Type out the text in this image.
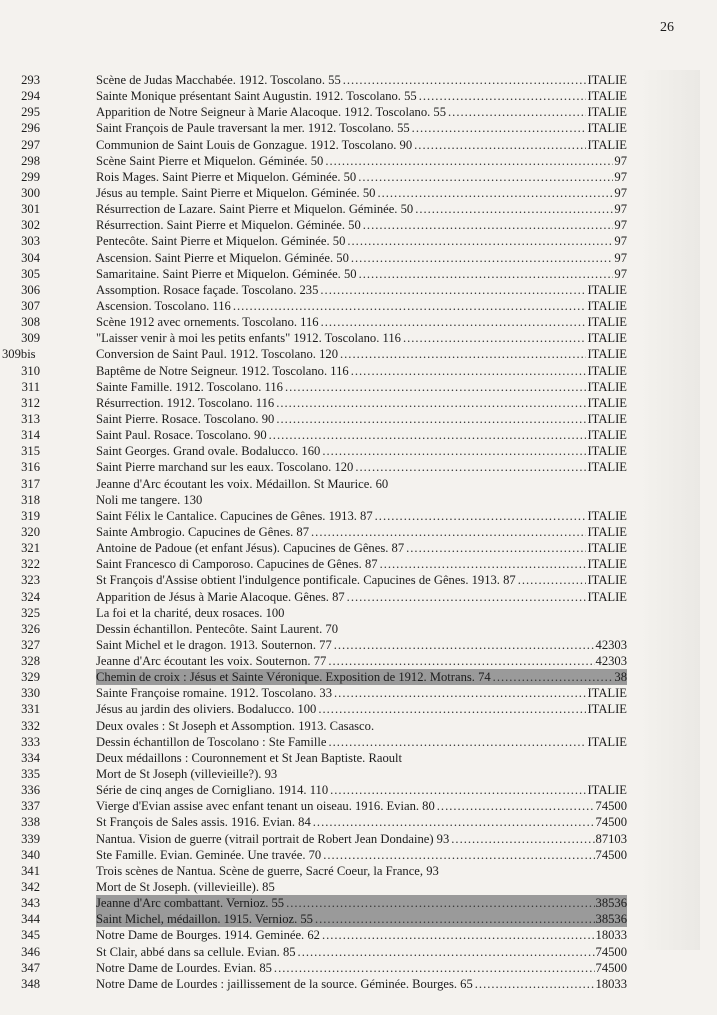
26
293	Scène de Judas Macchabée. 1912. Toscolano. 55 .....	ITALIE
294	Sainte Monique présentant Saint Augustin. 1912. Toscolano. 55 .....	ITALIE
295	Apparition de Notre Seigneur à Marie Alacoque. 1912. Toscolano. 55 .....	ITALIE
296	Saint François de Paule traversant la mer. 1912. Toscolano. 55 .....	ITALIE
297	Communion de Saint Louis de Gonzague. 1912. Toscolano. 90 .....	ITALIE
298	Scène Saint Pierre et Miquelon. Géminée. 50 .....	97
299	Rois Mages. Saint Pierre et Miquelon. Géminée. 50 .....	97
300	Jésus au temple. Saint Pierre et Miquelon. Géminée. 50 .....	97
301	Résurrection de Lazare. Saint Pierre et Miquelon. Géminée. 50 .....	97
302	Résurrection. Saint Pierre et Miquelon. Géminée. 50 .....	97
303	Pentecôte. Saint Pierre et Miquelon. Géminée. 50 .....	97
304	Ascension. Saint Pierre et Miquelon. Géminée. 50 .....	97
305	Samaritaine. Saint Pierre et Miquelon. Géminée. 50 .....	97
306	Assomption. Rosace façade. Toscolano. 235 .....	ITALIE
307	Ascension. Toscolano. 116 .....	ITALIE
308	Scène 1912 avec ornements. Toscolano. 116 .....	ITALIE
309	"Laisser venir à moi les petits enfants" 1912. Toscolano. 116 .....	ITALIE
309bis	Conversion de Saint Paul. 1912. Toscolano. 120 .....	ITALIE
310	Baptême de Notre Seigneur. 1912. Toscolano. 116 .....	ITALIE
311	Sainte Famille. 1912. Toscolano. 116 .....	ITALIE
312	Résurrection. 1912. Toscolano. 116 .....	ITALIE
313	Saint Pierre. Rosace. Toscolano. 90 .....	ITALIE
314	Saint Paul. Rosace. Toscolano. 90 .....	ITALIE
315	Saint Georges. Grand ovale. Bodalucco. 160 .....	ITALIE
316	Saint Pierre marchand sur les eaux. Toscolano. 120 .....	ITALIE
317	Jeanne d'Arc écoutant les voix. Médaillon. St Maurice. 60
318	Noli me tangere. 130
319	Saint Félix le Cantalice. Capucines de Gênes. 1913. 87 .....	ITALIE
320	Sainte Ambrogio. Capucines de Gênes. 87 .....	ITALIE
321	Antoine de Padoue (et enfant Jésus). Capucines de Gênes. 87 .....	ITALIE
322	Saint Francesco di Camporoso. Capucines de Gênes. 87 .....	ITALIE
323	St François d'Assise obtient l'indulgence pontificale. Capucines de Gênes. 1913. 87 .....	ITALIE
324	Apparition de Jésus à Marie Alacoque. Gênes. 87 .....	ITALIE
325	La foi et la charité, deux rosaces. 100
326	Dessin échantillon. Pentecôte. Saint Laurent. 70
327	Saint Michel et le dragon. 1913. Souternon. 77 .....	42303
328	Jeanne d'Arc écoutant les voix. Souternon. 77 .....	42303
329	Chemin de croix : Jésus et Sainte Véronique. Exposition de 1912. Motrans. 74 .....	38
330	Sainte Françoise romaine. 1912. Toscolano. 33 .....	ITALIE
331	Jésus au jardin des oliviers. Bodalucco. 100 .....	ITALIE
332	Deux ovales : St Joseph et Assomption. 1913. Casasco.
333	Dessin échantillon de Toscolano : Ste Famille .....	ITALIE
334	Deux médaillons : Couronnement et St Jean Baptiste. Raoult
335	Mort de St Joseph (villevieille?). 93
336	Série de cinq anges de Cornigliano. 1914. 110 .....	ITALIE
337	Vierge d'Evian assise avec enfant tenant un oiseau. 1916. Evian. 80 .....	74500
338	St François de Sales assis. 1916. Evian. 84 .....	74500
339	Nantua. Vision de guerre (vitrail portrait de Robert Jean Dondaine) 93 .....	87103
340	Ste Famille. Evian. Geminée. Une travée. 70 .....	74500
341	Trois scènes de Nantua. Scène de guerre, Sacré Coeur, la France, 93
342	Mort de St Joseph. (villevieille). 85
343	Jeanne d'Arc combattant. Vernioz. 55 .....	38536
344	Saint Michel, médaillon. 1915. Vernioz. 55 .....	38536
345	Notre Dame de Bourges. 1914. Geminée. 62 .....	18033
346	St Clair, abbé dans sa cellule. Evian. 85 .....	74500
347	Notre Dame de Lourdes. Evian. 85 .....	74500
348	Notre Dame de Lourdes : jaillissement de la source. Géminée. Bourges. 65 .....	18033
